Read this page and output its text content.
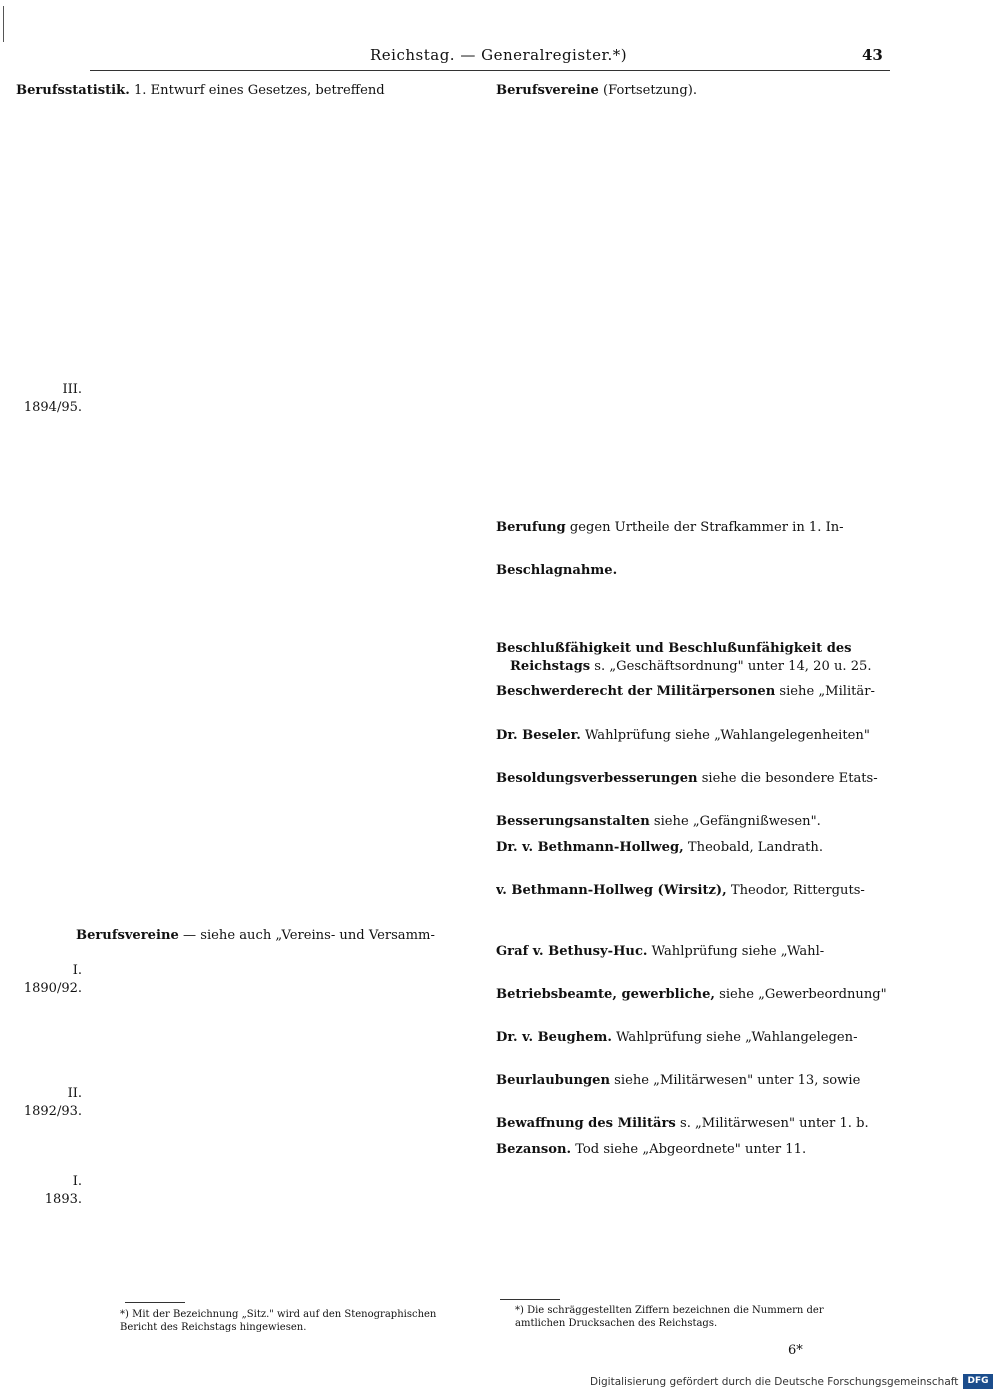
Reichstag. — Generalregister.*)	43
Berufsstatistik. 1. Entwurf eines Gesetzes, betreffend
Berufsvereine — siehe auch „Vereins- und Versamm-
III.
1894/95.
I.
1890/92.
II.
1892/93.
I.
1893.
Berufsvereine (Fortsetzung).
Berufung gegen Urtheile der Strafkammer in 1. In-
Beschlagnahme.
Beschlußfähigkeit und Beschlußunfähigkeit des
Reichstags s. „Geschäftsordnung" unter 14, 20 u. 25.
Beschwerderecht der Militärpersonen siehe „Militär-
Dr. Beseler. Wahlprüfung siehe „Wahlangelegenheiten"
Besoldungsverbesserungen siehe die besondere Etats-
Besserungsanstalten siehe „Gefängnißwesen".
Dr. v. Bethmann-Hollweg, Theobald, Landrath.
v. Bethmann-Hollweg (Wirsitz), Theodor, Ritterguts-
Graf v. Bethusy-Huc. Wahlprüfung siehe „Wahl-
Betriebsbeamte, gewerbliche, siehe „Gewerbeordnung"
Dr. v. Beughem. Wahlprüfung siehe „Wahlangelegen-
Beurlaubungen siehe „Militärwesen" unter 13, sowie
Bewaffnung des Militärs s. „Militärwesen" unter 1. b.
Bezanson. Tod siehe „Abgeordnete" unter 11.
*) Mit der Bezeichnung „Sitz." wird auf den Stenographischen
Bericht des Reichstags hingewiesen.
*) Die schräggestellten Ziffern bezeichnen die Nummern der
amtlichen Drucksachen des Reichstags.
6*
Digitalisierung gefördert durch die Deutsche Forschungsgemeinschaft	DFG
